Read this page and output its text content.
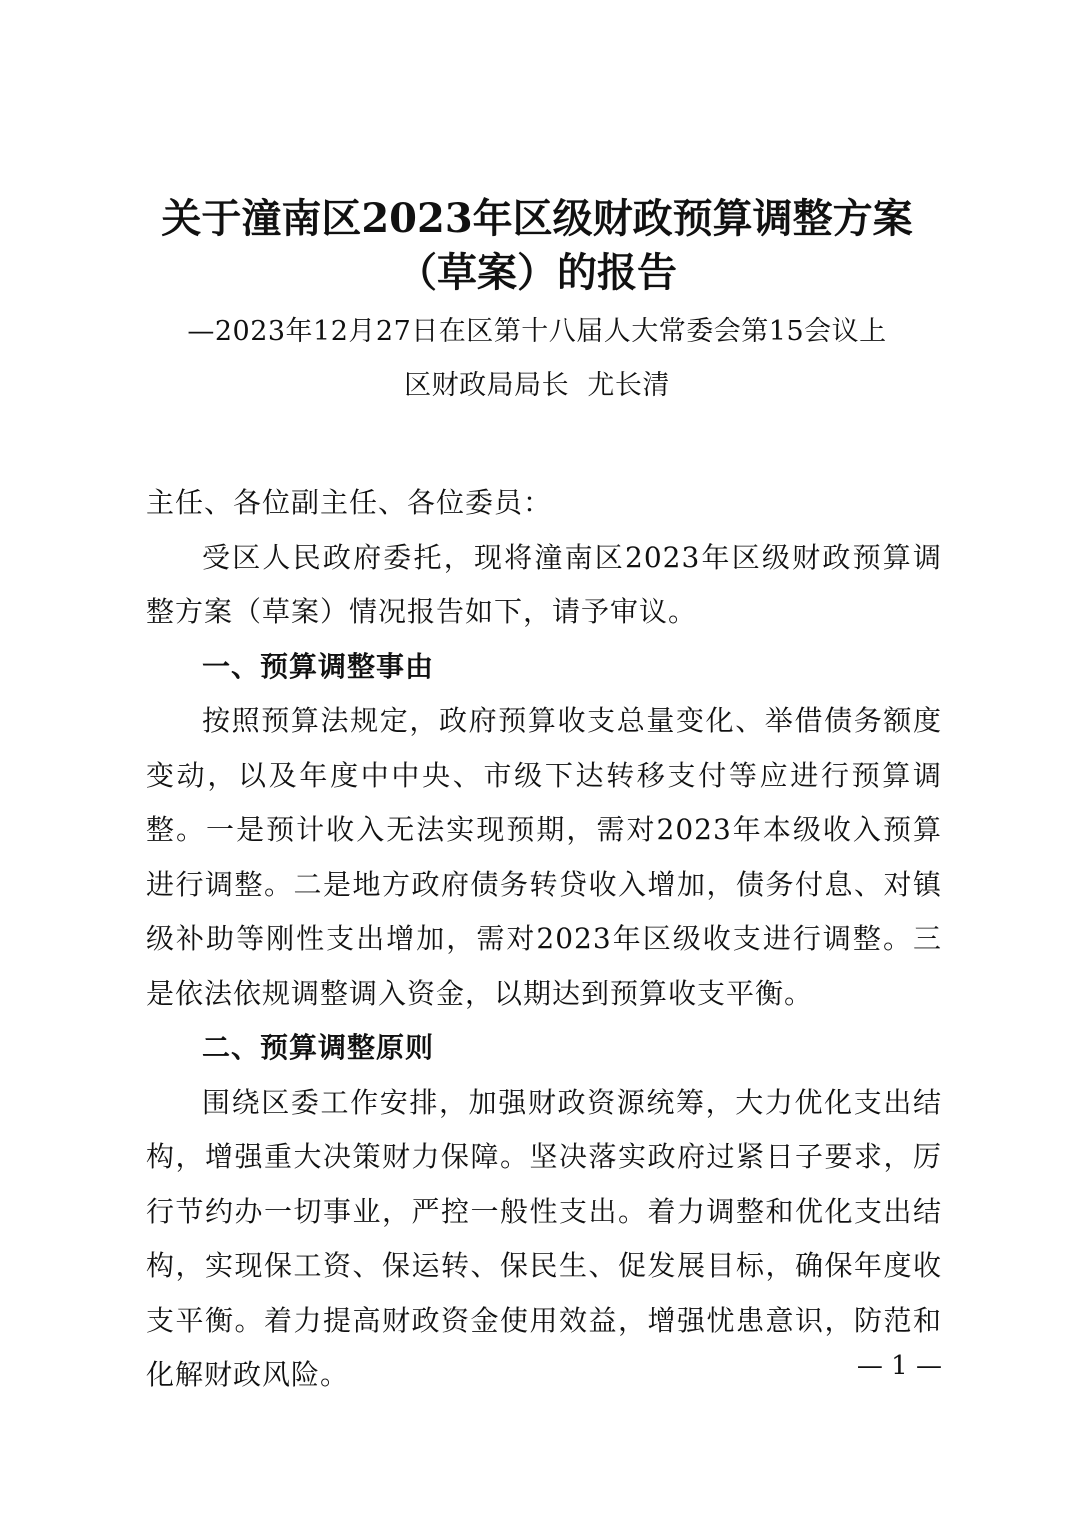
关于潼南区2023年区级财政预算调整方案
（草案）的报告
—2023年12月27日在区第十八届人大常委会第15会议上
区财政局局长  尤长清

主任、各位副主任、各位委员：

受区人民政府委托，现将潼南区2023年区级财政预算调整方案（草案）情况报告如下，请予审议。

一、预算调整事由

按照预算法规定，政府预算收支总量变化、举借债务额度变动，以及年度中中央、市级下达转移支付等应进行预算调整。一是预计收入无法实现预期，需对2023年本级收入预算进行调整。二是地方政府债务转贷收入增加，债务付息、对镇级补助等刚性支出增加，需对2023年区级收支进行调整。三是依法依规调整调入资金，以期达到预算收支平衡。

二、预算调整原则

围绕区委工作安排，加强财政资源统筹，大力优化支出结构，增强重大决策财力保障。坚决落实政府过紧日子要求，厉行节约办一切事业，严控一般性支出。着力调整和优化支出结构，实现保工资、保运转、保民生、促发展目标，确保年度收支平衡。着力提高财政资金使用效益，增强忧患意识，防范和化解财政风险。	— 1 —
